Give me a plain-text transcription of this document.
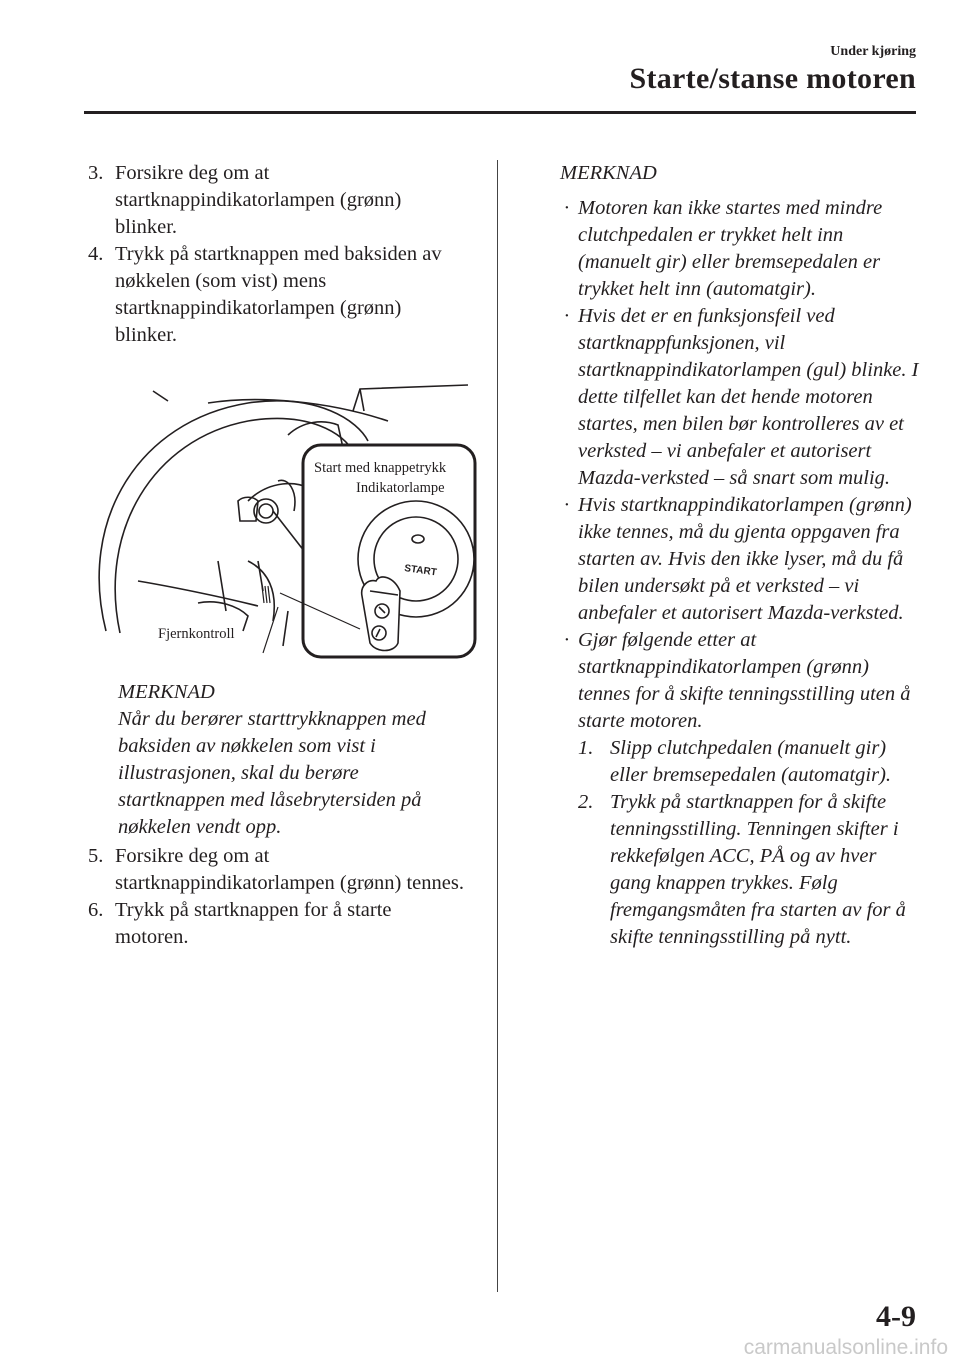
Under kjøring
Starte/stanse motoren
3. Forsikre deg om at startknappindikatorlampen (grønn) blinker.
4. Trykk på startknappen med baksiden av nøkkelen (som vist) mens startknappindikatorlampen (grønn) blinker.
START
Start med knappetrykk
Indikatorlampe
Fjernkontroll
MERKNAD
Når du berører starttrykknappen med baksiden av nøkkelen som vist i illustrasjonen, skal du berøre startknappen med låsebrytersiden på nøkkelen vendt opp.
5. Forsikre deg om at startknappindikatorlampen (grønn) tennes.
6. Trykk på startknappen for å starte motoren.
MERKNAD
· Motoren kan ikke startes med mindre clutchpedalen er trykket helt inn (manuelt gir) eller bremsepedalen er trykket helt inn (automatgir).
· Hvis det er en funksjonsfeil ved startknappfunksjonen, vil startknappindikatorlampen (gul) blinke. I dette tilfellet kan det hende motoren startes, men bilen bør kontrolleres av et verksted – vi anbefaler et autorisert Mazda-verksted – så snart som mulig.
· Hvis startknappindikatorlampen (grønn) ikke tennes, må du gjenta oppgaven fra starten av. Hvis den ikke lyser, må du få bilen undersøkt på et verksted – vi anbefaler et autorisert Mazda-verksted.
· Gjør følgende etter at startknappindikatorlampen (grønn) tennes for å skifte tenningsstilling uten å starte motoren.
1. Slipp clutchpedalen (manuelt gir) eller bremsepedalen (automatgir).
2. Trykk på startknappen for å skifte tenningsstilling. Tenningen skifter i rekkefølgen ACC, PÅ og av hver gang knappen trykkes. Følg fremgangsmåten fra starten av for å skifte tenningsstilling på nytt.
4-9
carmanualsonline.info
